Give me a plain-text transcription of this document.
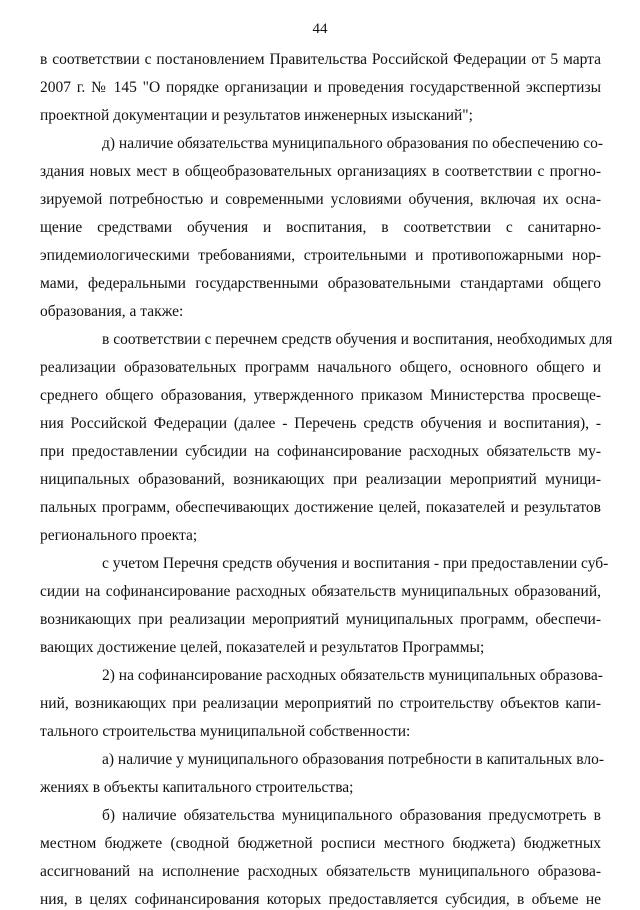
44
в соответствии с постановлением Правительства Российской Федерации от 5 марта
2007 г. № 145 "О порядке организации и проведения государственной экспертизы
проектной документации и результатов инженерных изысканий";
д) наличие обязательства муниципального образования по обеспечению со-
здания новых мест в общеобразовательных организациях в соответствии с прогно-
зируемой потребностью и современными условиями обучения, включая их осна-
щение средствами обучения и воспитания, в соответствии с санитарно-
эпидемиологическими требованиями, строительными и противопожарными нор-
мами, федеральными государственными образовательными стандартами общего
образования, а также:
в соответствии с перечнем средств обучения и воспитания, необходимых для
реализации образовательных программ начального общего, основного общего и
среднего общего образования, утвержденного приказом Министерства просвеще-
ния Российской Федерации (далее - Перечень средств обучения и воспитания), -
при предоставлении субсидии на софинансирование расходных обязательств му-
ниципальных образований, возникающих при реализации мероприятий муници-
пальных программ, обеспечивающих достижение целей, показателей и результатов
регионального проекта;
с учетом Перечня средств обучения и воспитания - при предоставлении суб-
сидии на софинансирование расходных обязательств муниципальных образований,
возникающих при реализации мероприятий муниципальных программ, обеспечи-
вающих достижение целей, показателей и результатов Программы;
2) на софинансирование расходных обязательств муниципальных образова-
ний, возникающих при реализации мероприятий по строительству объектов капи-
тального строительства муниципальной собственности:
а) наличие у муниципального образования потребности в капитальных вло-
жениях в объекты капитального строительства;
б) наличие обязательства муниципального образования предусмотреть в
местном бюджете (сводной бюджетной росписи местного бюджета) бюджетных
ассигнований на исполнение расходных обязательств муниципального образова-
ния, в целях софинансирования которых предоставляется субсидия, в объеме не
